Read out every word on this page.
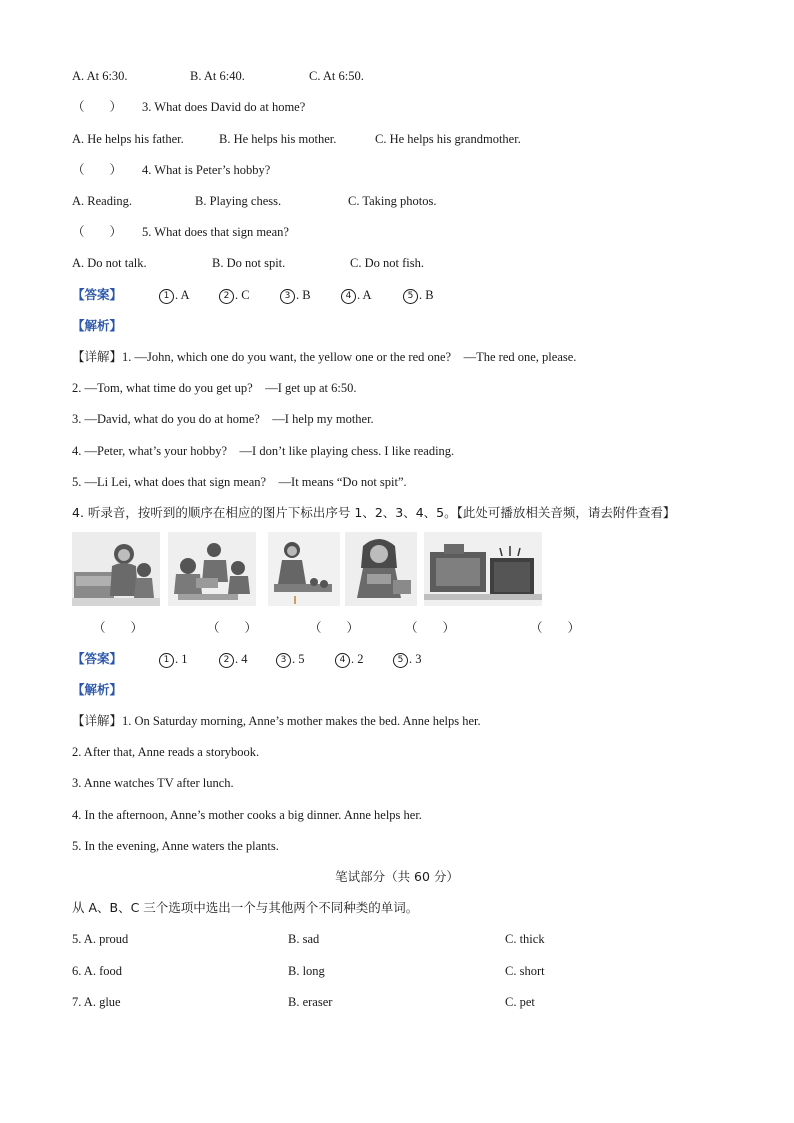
A. At 6:30.	B. At 6:40.	C. At 6:50.
（　　） 3. What does David do at home?
A. He helps his father.	B. He helps his mother.	C. He helps his grandmother.
（　　） 4. What is Peter’s hobby?
A. Reading.	B. Playing chess.	C. Taking photos.
（　　） 5. What does that sign mean?
A. Do not talk.	B. Do not spit.	C. Do not fish.
【答案】	1 . A	2 . C	3 . B	4 . A	5 . B
【解析】
【详解】1. —John, which one do you want, the yellow one or the red one?　—The red one, please.
2. —Tom, what time do you get up?　—I get up at 6:50.
3. —David, what do you do at home?　—I help my mother.
4. —Peter, what’s your hobby?　—I don’t like playing chess. I like reading.
5. —Li Lei, what does that sign mean?　—It means “Do not spit”.
4. 听录音，按听到的顺序在相应的图片下标出序号 1、2、3、4、5。【此处可播放相关音频，请去附件查看】
（　　）	（　　）	（　　）	（　　）	（　　）
【答案】	1 . 1	2 . 4	3 . 5	4 . 2	5 . 3
【解析】
【详解】1. On Saturday morning, Anne’s mother makes the bed. Anne helps her.
2. After that, Anne reads a storybook.
3. Anne watches TV after lunch.
4. In the afternoon, Anne’s mother cooks a big dinner. Anne helps her.
5. In the evening, Anne waters the plants.
笔试部分（共 60 分）
从 A、B、C 三个选项中选出一个与其他两个不同种类的单词。
5. A. proud	B. sad	C. thick
6. A. food	B. long	C. short
7. A. glue	B. eraser	C. pet
